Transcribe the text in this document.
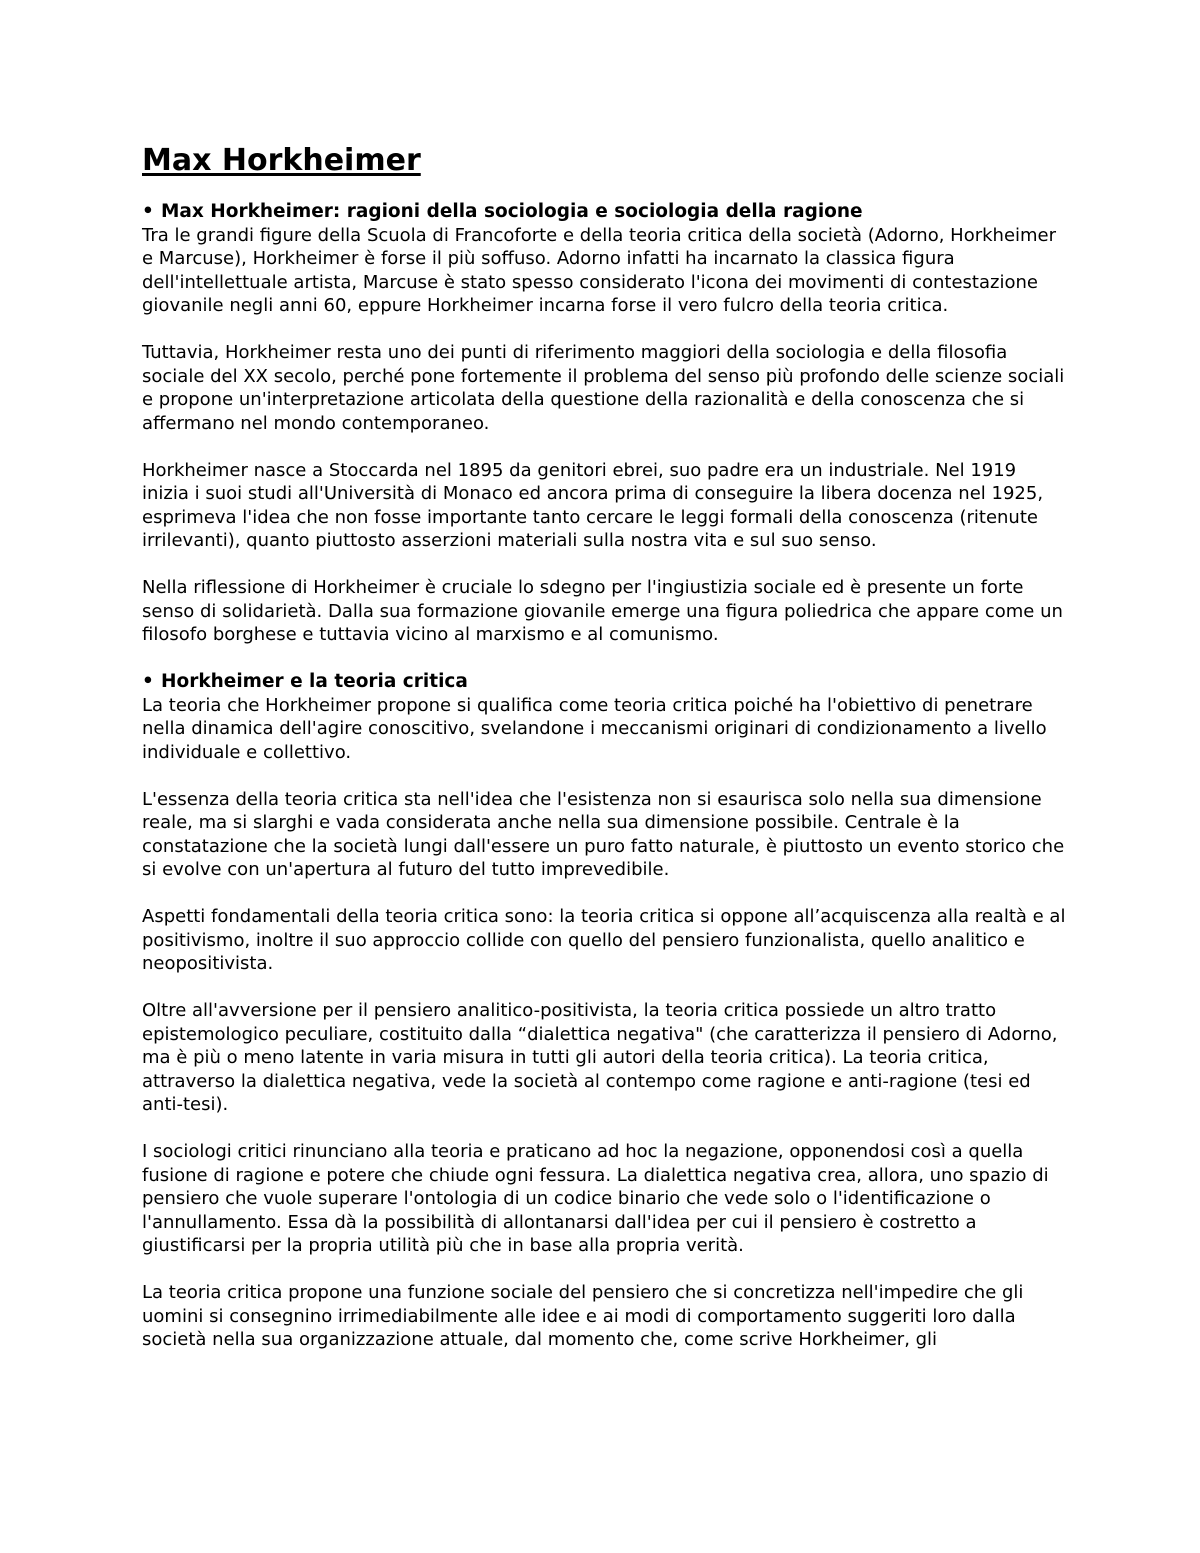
Max Horkheimer

• Max Horkheimer: ragioni della sociologia e sociologia della ragione

Tra le grandi figure della Scuola di Francoforte e della teoria critica della società (Adorno, Horkheimer e Marcuse), Horkheimer è forse il più soffuso. Adorno infatti ha incarnato la classica figura dell'intellettuale artista, Marcuse è stato spesso considerato l'icona dei movimenti di contestazione giovanile negli anni 60, eppure Horkheimer incarna forse il vero fulcro della teoria critica.

Tuttavia, Horkheimer resta uno dei punti di riferimento maggiori della sociologia e della filosofia sociale del XX secolo, perché pone fortemente il problema del senso più profondo delle scienze sociali e propone un'interpretazione articolata della questione della razionalità e della conoscenza che si affermano nel mondo contemporaneo.

Horkheimer nasce a Stoccarda nel 1895 da genitori ebrei, suo padre era un industriale. Nel 1919 inizia i suoi studi all'Università di Monaco ed ancora prima di conseguire la libera docenza nel 1925, esprimeva l'idea che non fosse importante tanto cercare le leggi formali della conoscenza (ritenute irrilevanti), quanto piuttosto asserzioni materiali sulla nostra vita e sul suo senso.

Nella riflessione di Horkheimer è cruciale lo sdegno per l'ingiustizia sociale ed è presente un forte senso di solidarietà. Dalla sua formazione giovanile emerge una figura poliedrica che appare come un filosofo borghese e tuttavia vicino al marxismo e al comunismo.

• Horkheimer e la teoria critica

La teoria che Horkheimer propone si qualifica come teoria critica poiché ha l'obiettivo di penetrare nella dinamica dell'agire conoscitivo, svelandone i meccanismi originari di condizionamento a livello individuale e collettivo.

L'essenza della teoria critica sta nell'idea che l'esistenza non si esaurisca solo nella sua dimensione reale, ma si slarghi e vada considerata anche nella sua dimensione possibile. Centrale è la constatazione che la società lungi dall'essere un puro fatto naturale, è piuttosto un evento storico che si evolve con un'apertura al futuro del tutto imprevedibile.

Aspetti fondamentali della teoria critica sono: la teoria critica si oppone all’acquiscenza alla realtà e al positivismo, inoltre il suo approccio collide con quello del pensiero funzionalista, quello analitico e neopositivista.

Oltre all'avversione per il pensiero analitico-positivista, la teoria critica possiede un altro tratto epistemologico peculiare, costituito dalla “dialettica negativa" (che caratterizza il pensiero di Adorno, ma è più o meno latente in varia misura in tutti gli autori della teoria critica). La teoria critica, attraverso la dialettica negativa, vede la società al contempo come ragione e anti-ragione (tesi ed anti-tesi).

I sociologi critici rinunciano alla teoria e praticano ad hoc la negazione, opponendosi così a quella fusione di ragione e potere che chiude ogni fessura. La dialettica negativa crea, allora, uno spazio di pensiero che vuole superare l'ontologia di un codice binario che vede solo o l'identificazione o l'annullamento. Essa dà la possibilità di allontanarsi dall'idea per cui il pensiero è costretto a giustificarsi per la propria utilità più che in base alla propria verità.

La teoria critica propone una funzione sociale del pensiero che si concretizza nell'impedire che gli uomini si consegnino irrimediabilmente alle idee e ai modi di comportamento suggeriti loro dalla società nella sua organizzazione attuale, dal momento che, come scrive Horkheimer, gli
